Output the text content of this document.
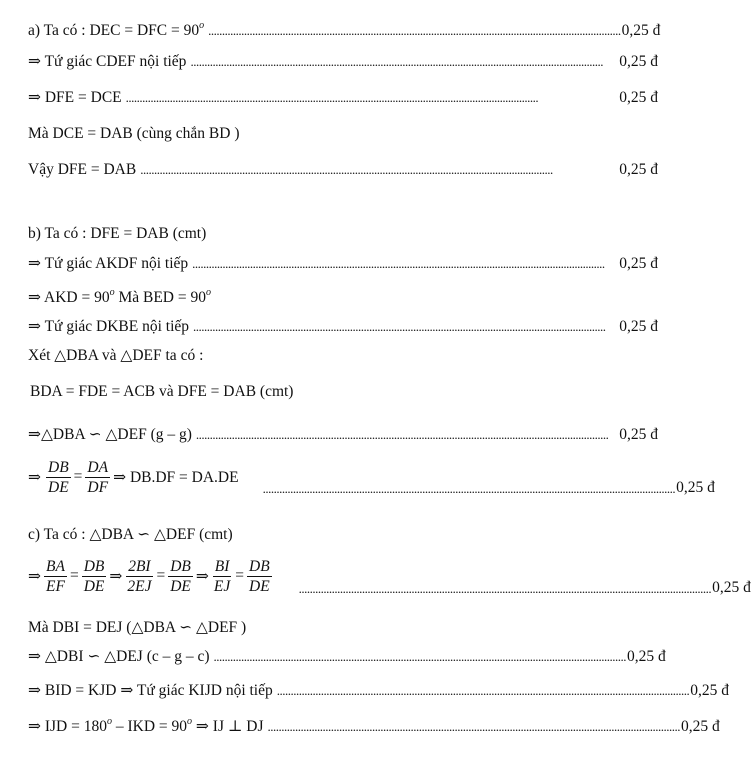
a) Ta có : DEC = DFC = $90^o$ ...................................................................................................................................................... 0,25 đ
⇒ Tứ giác CDEF nội tiếp ......................................................................................................................................................	0,25 đ
⇒ DFE = DCE ......................................................................................................................................................	0,25 đ
Mà DCE = DAB (cùng chắn BD )
Vậy DFE = DAB ......................................................................................................................................................	0,25 đ
b) Ta có : DFE = DAB (cmt)
⇒ Tứ giác AKDF nội tiếp ...................................................................................................................................................... 0,25 đ
⇒ AKD = $90^o$ Mà BED = $90^o$
⇒ Tứ giác DKBE nội tiếp ...................................................................................................................................................... 0,25 đ
Xét △DBA và △DEF ta có :
BDA = FDE = ACB và DFE = DAB (cmt)
⇒△DBA ∽ △DEF (g – g) ...................................................................................................................................................... 0,25 đ
⇒ $\frac{DB}{DE} = \frac{DA}{DF}$ ⇒ DB.DF = DA.DE
...................................................................................................................................................... 0,25 đ
c) Ta có : △DBA ∽ △DEF (cmt)
⇒ $\frac{BA}{EF} = \frac{DB}{DE}$ ⇒ $\frac{2BI}{2EJ} = \frac{DB}{DE}$ ⇒ $\frac{BI}{EJ} = \frac{DB}{DE}$ ...................................................................................................................................................... 0,25 đ
Mà DBI = DEJ (△DBA ∽ △DEF )
⇒ △DBI ∽ △DEJ (c – g – c) ...................................................................................................................................................... 0,25 đ
⇒ BID = KJD ⇒ Tứ giác KIJD nội tiếp ...................................................................................................................................................... 0,25 đ
⇒ IJD = $180^o$ – IKD = $90^o$ ⇒ IJ ⊥ DJ ...................................................................................................................................................... 0,25 đ
